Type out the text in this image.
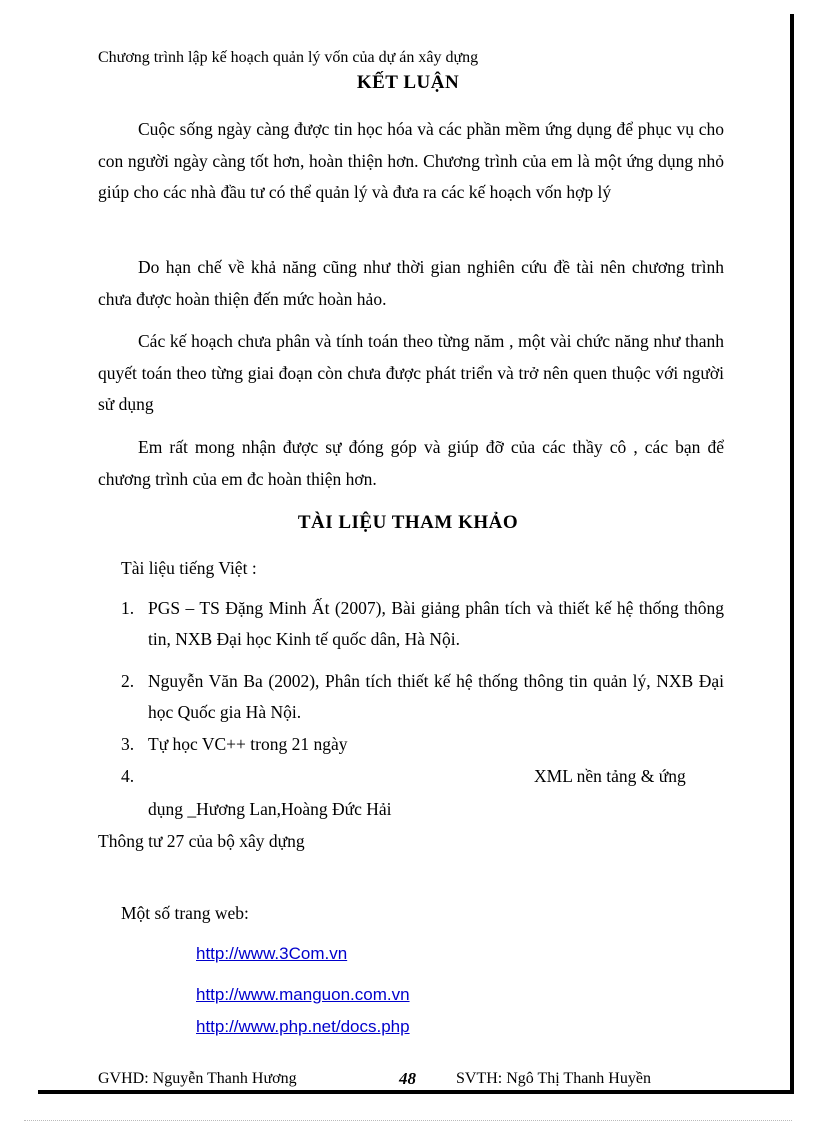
Chương trình lập kế hoạch quản lý vốn của dự án xây dựng
KẾT LUẬN

Cuộc sống ngày càng được tin học hóa và các phần mềm ứng dụng để phục vụ cho con người ngày càng tốt hơn, hoàn thiện hơn. Chương trình của em là một ứng dụng nhỏ giúp cho các nhà đầu tư có thể quản lý và đưa ra các kế hoạch vốn hợp lý

Do hạn chế về khả năng cũng như thời gian nghiên cứu đề tài nên chương trình chưa được hoàn thiện đến mức hoàn hảo.

Các kế hoạch chưa phân và tính toán theo từng năm , một vài chức năng như thanh quyết toán theo từng giai đoạn còn chưa được phát triển và trở nên quen thuộc với người sử dụng

Em rất mong nhận được sự đóng góp và giúp đỡ của các thầy cô , các bạn để chương trình của em đc hoàn thiện hơn.

TÀI LIỆU THAM KHẢO
Tài liệu tiếng Việt :
1. PGS – TS Đặng Minh Ất (2007), Bài giảng phân tích và thiết kế hệ thống thông tin, NXB Đại học Kinh tế quốc dân, Hà Nội.

2. Nguyễn Văn Ba (2002), Phân tích thiết kế hệ thống thông tin quản lý, NXB Đại học Quốc gia Hà Nội.

3. Tự học VC++ trong 21 ngày
4.	XML nền tảng & ứng
dụng _Hương Lan,Hoàng Đức Hải
Thông tư 27 của bộ xây dựng
Một số trang web:
http://www.3Com.vn
http://www.manguon.com.vn
http://www.php.net/docs.php
GVHD: Nguyễn Thanh Hương	48	SVTH: Ngô Thị Thanh Huyền
